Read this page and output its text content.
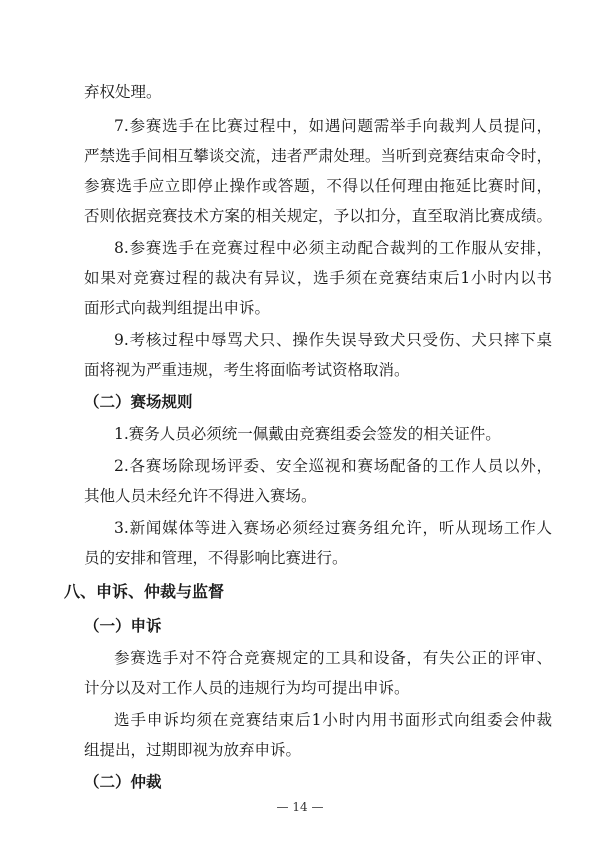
弃权处理。
7.参赛选手在比赛过程中，如遇问题需举手向裁判人员提问，
严禁选手间相互攀谈交流，违者严肃处理。当听到竞赛结束命令时，
参赛选手应立即停止操作或答题，不得以任何理由拖延比赛时间，
否则依据竞赛技术方案的相关规定，予以扣分，直至取消比赛成绩。
8.参赛选手在竞赛过程中必须主动配合裁判的工作服从安排，
如果对竞赛过程的裁决有异议，选手须在竞赛结束后1小时内以书
面形式向裁判组提出申诉。
9.考核过程中辱骂犬只、操作失误导致犬只受伤、犬只摔下桌
面将视为严重违规，考生将面临考试资格取消。
（二）赛场规则
1.赛务人员必须统一佩戴由竞赛组委会签发的相关证件。
2.各赛场除现场评委、安全巡视和赛场配备的工作人员以外，
其他人员未经允许不得进入赛场。
3.新闻媒体等进入赛场必须经过赛务组允许，听从现场工作人
员的安排和管理，不得影响比赛进行。
八、申诉、仲裁与监督
（一）申诉
参赛选手对不符合竞赛规定的工具和设备，有失公正的评审、
计分以及对工作人员的违规行为均可提出申诉。
选手申诉均须在竞赛结束后1小时内用书面形式向组委会仲裁
组提出，过期即视为放弃申诉。
（二）仲裁
— 14 —
